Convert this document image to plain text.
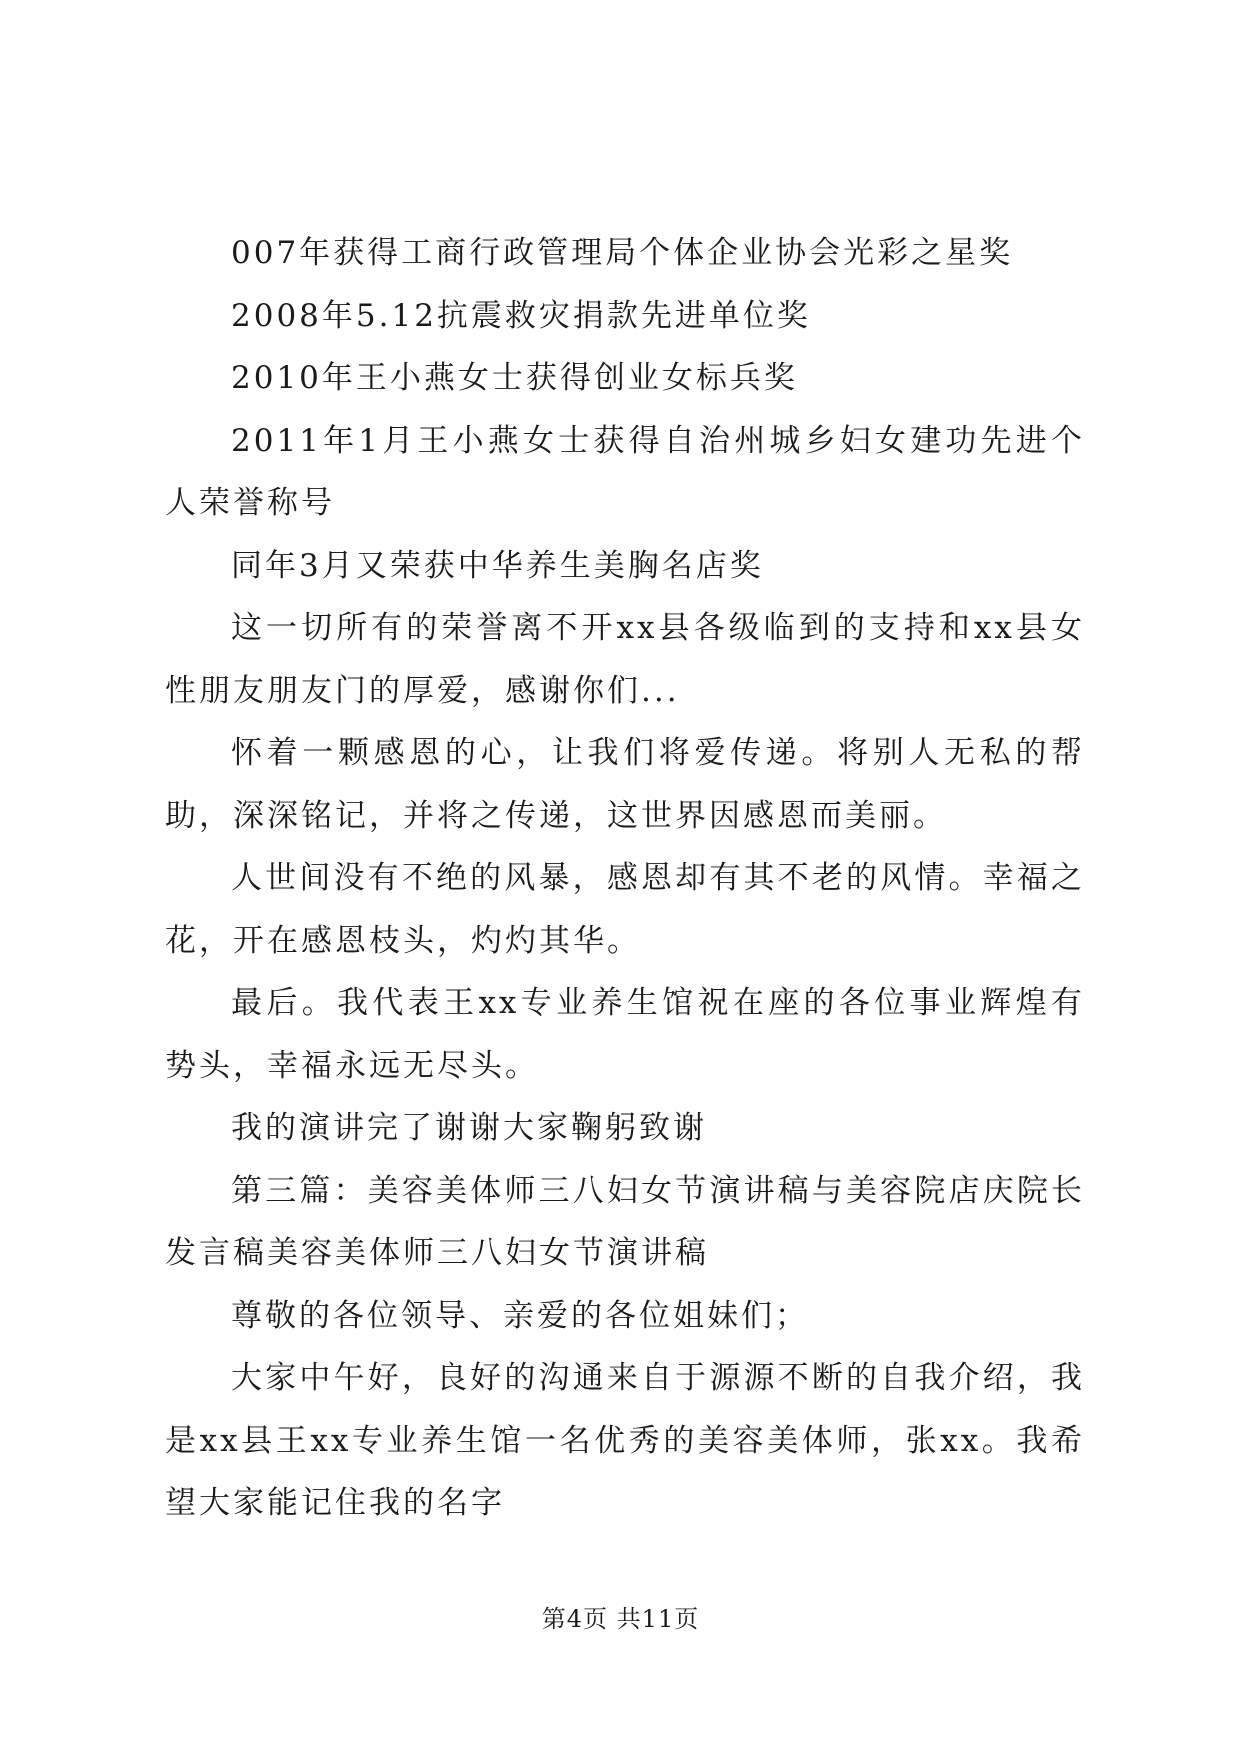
007年获得工商行政管理局个体企业协会光彩之星奖

2008年5.12抗震救灾捐款先进单位奖

2010年王小燕女士获得创业女标兵奖

2011年1月王小燕女士获得自治州城乡妇女建功先进个人荣誉称号

同年3月又荣获中华养生美胸名店奖

这一切所有的荣誉离不开xx县各级临到的支持和xx县女性朋友朋友门的厚爱，感谢你们...

怀着一颗感恩的心，让我们将爱传递。将别人无私的帮助，深深铭记，并将之传递，这世界因感恩而美丽。

人世间没有不绝的风暴，感恩却有其不老的风情。幸福之花，开在感恩枝头，灼灼其华。

最后。我代表王xx专业养生馆祝在座的各位事业辉煌有势头，幸福永远无尽头。

我的演讲完了谢谢大家鞠躬致谢

第三篇：美容美体师三八妇女节演讲稿与美容院店庆院长发言稿美容美体师三八妇女节演讲稿

尊敬的各位领导、亲爱的各位姐妹们；

大家中午好，良好的沟通来自于源源不断的自我介绍，我是xx县王xx专业养生馆一名优秀的美容美体师，张xx。我希望大家能记住我的名字

第4页 共11页
